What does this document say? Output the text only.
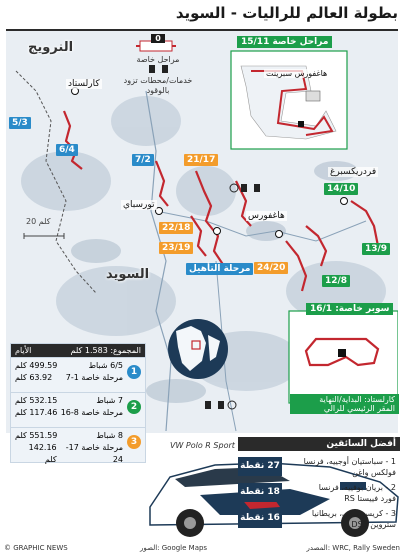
بطولة العالم للراليات - السويد
النرويج
السويد
20 كلم
كارلستاد
تورسباي
هاغفورس
فردريكسبرغ
5/3
6/4
7/2	21/17
22/18
23/19
24/20
14/10
13/9
12/8
مرحلة التأهيل
0
مراحل خاصة
خدمات/محطات تزود بالوقود
مراحل خاصة 15/11
هاغفورس سبرينت
سوبر خاصة: 16/1
كارلستاد: البداية/النهاية
المقر الرئيسي للرالي
المجموع: 1.583 كلم
الأيام
1
6/5 شباط
499.59 كلم
مرحلة خاصة 1-7
63.92 كلم
2
7 شباط
532.15 كلم
مرحلة خاصة 8-16
117.46 كلم
3
8 شباط
551.59 كلم
مرحلة خاصة 17-24
142.16 كلم
VW Polo R Sport	أفضل السائقين
1 - سباستيان أوجييه، فرنسا
فولكس واغن
27 نقطة
2 - بريان بوفييه، فرنسا
فورد فييستا RS
18 نقطة
3 - كريس ميكي، بريطانيا
ستروين DS3
16 نقطة
© GRAPHIC NEWS	الصور: Google Maps	المصدر: WRC, Rally Sweden
